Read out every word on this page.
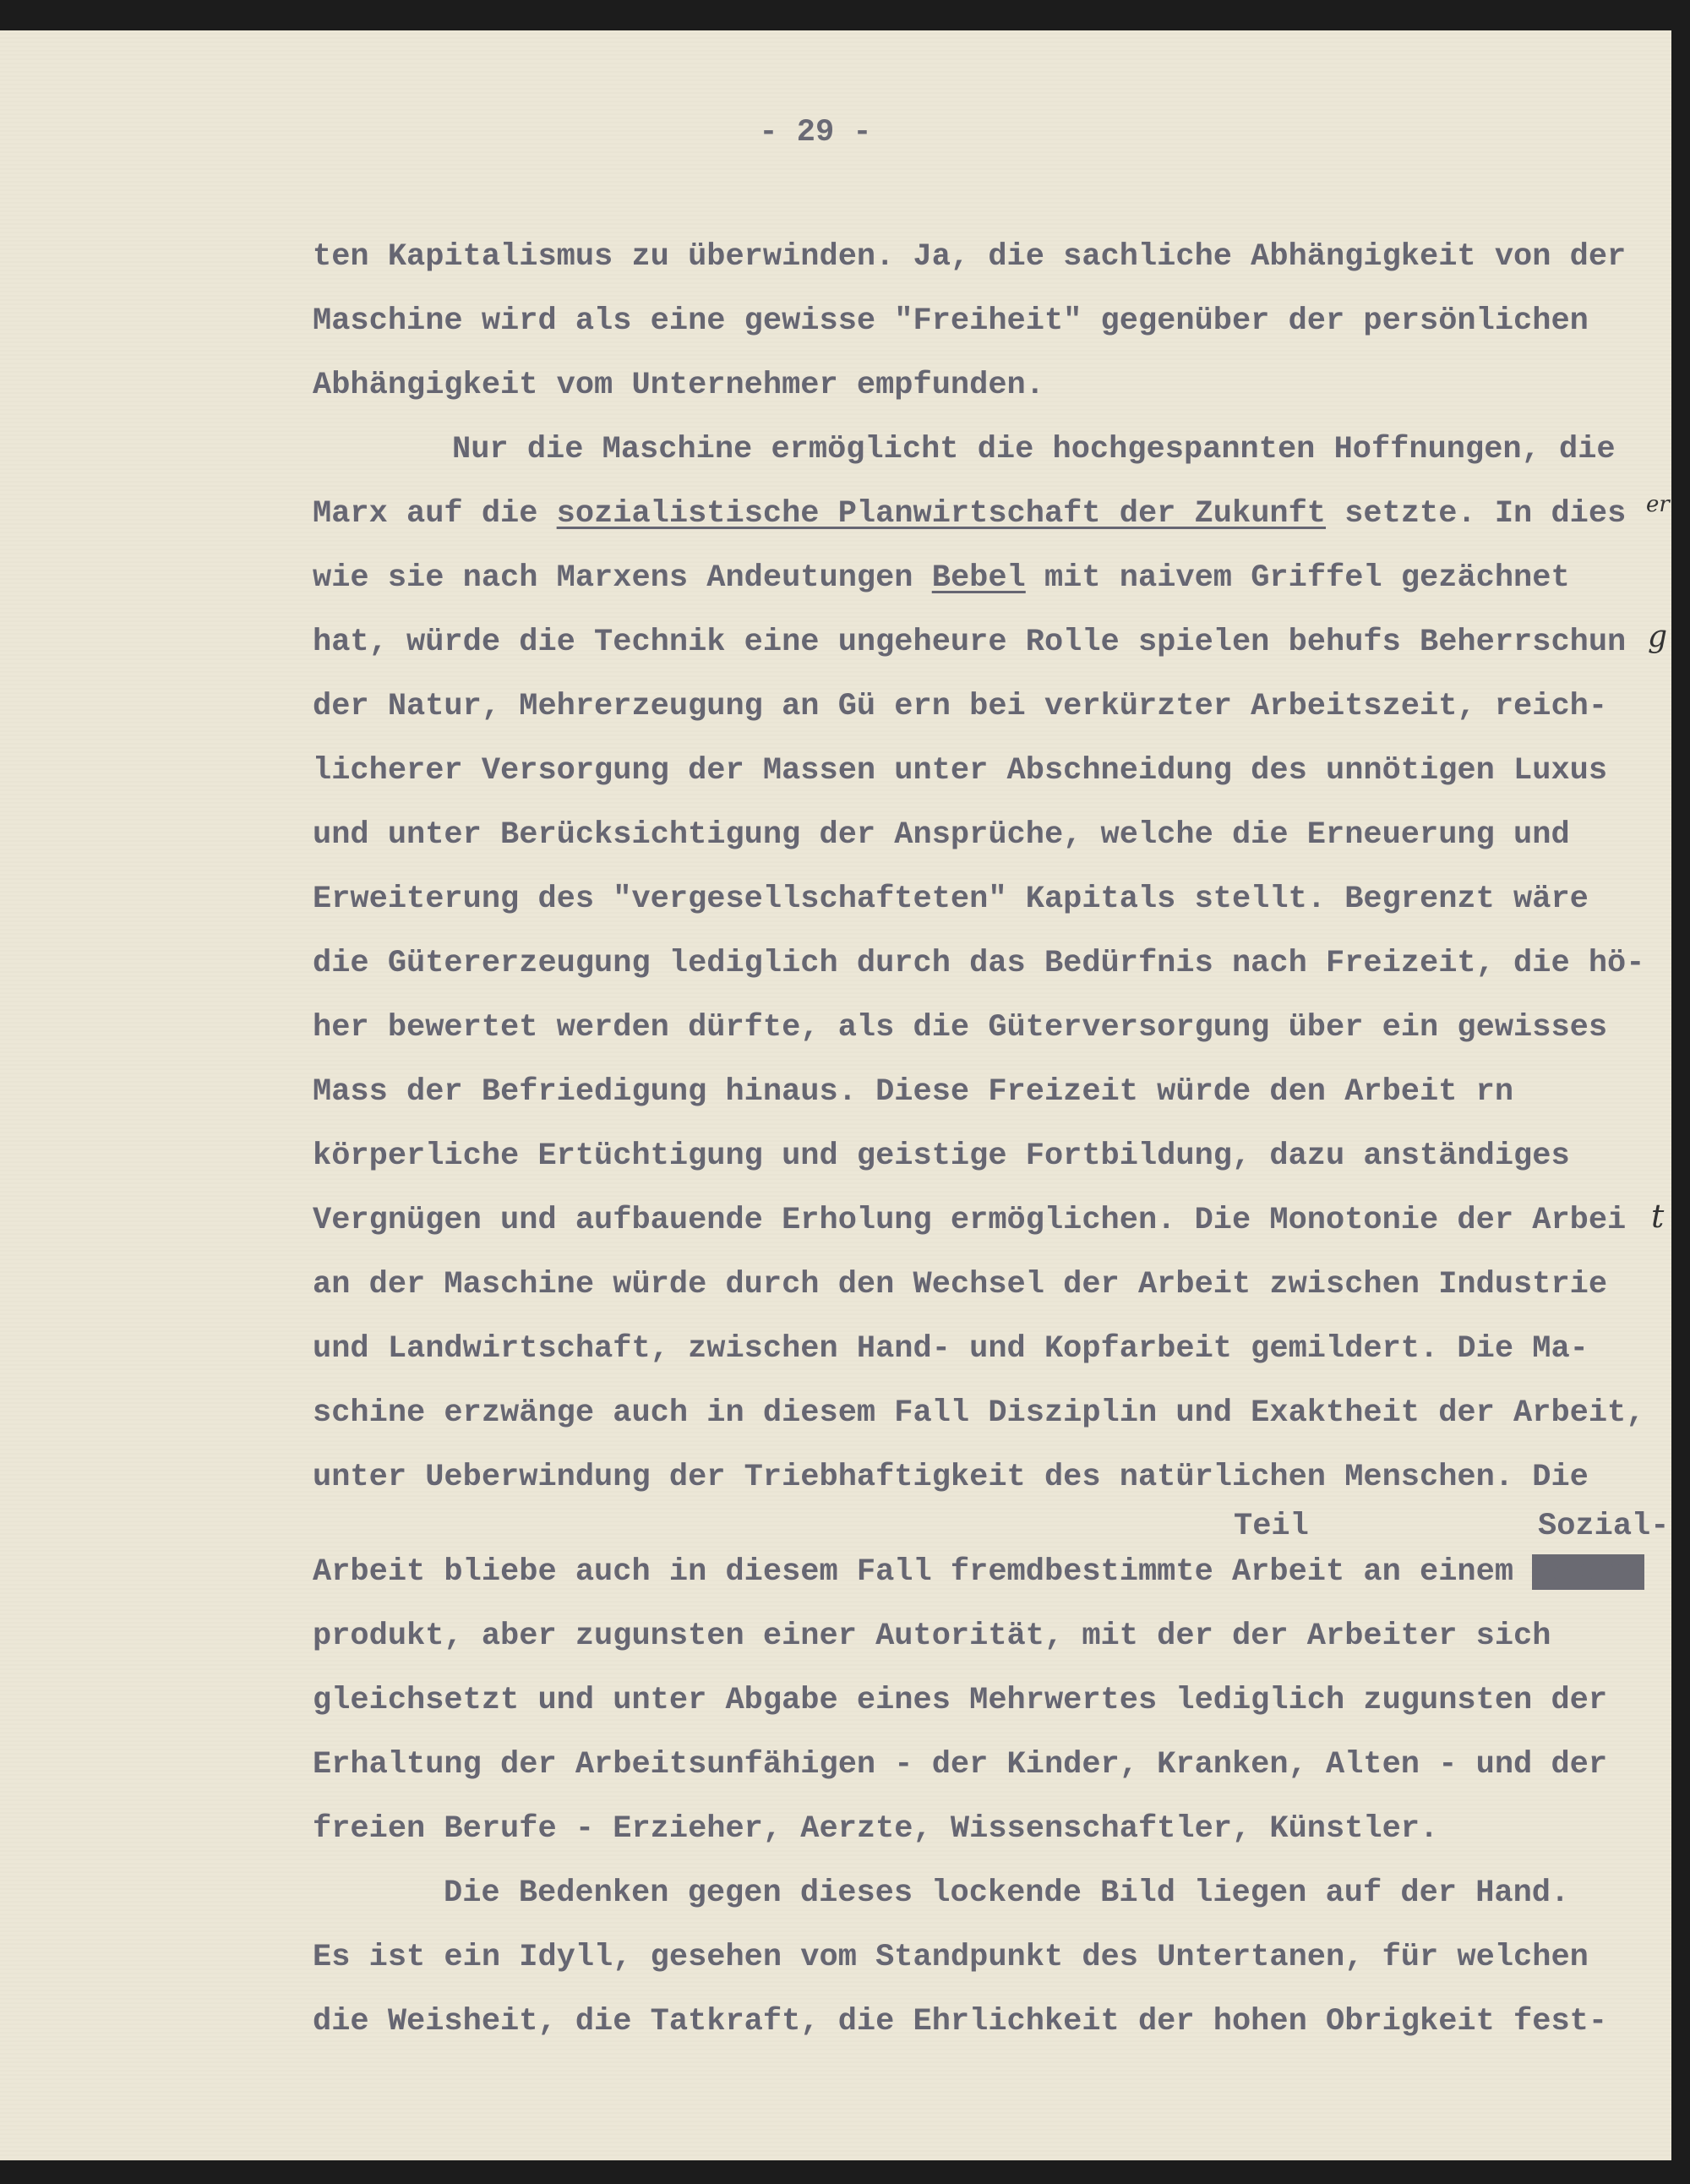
- 29 -
ten Kapitalismus zu überwinden. Ja, die sachliche Abhängigkeit von der
Maschine wird als eine gewisse "Freiheit" gegenüber der persönlichen
Abhängigkeit vom Unternehmer empfunden.
Nur die Maschine ermöglicht die hochgespannten Hoffnungen, die
Marx auf die sozialistische Planwirtschaft der Zukunft setzte. In dies
wie sie nach Marxens Andeutungen Bebel mit naivem Griffel gezächnet
hat, würde die Technik eine ungeheure Rolle spielen behufs Beherrschun
der Natur, Mehrerzeugung an Gü ern bei verkürzter Arbeitszeit, reich-
licherer Versorgung der Massen unter Abschneidung des unnötigen Luxus
und unter Berücksichtigung der Ansprüche, welche die Erneuerung und
Erweiterung des "vergesellschafteten" Kapitals stellt. Begrenzt wäre
die Gütererzeugung lediglich durch das Bedürfnis nach Freizeit, die hö-
her bewertet werden dürfte, als die Güterversorgung über ein gewisses
Mass der Befriedigung hinaus. Diese Freizeit würde den Arbeit rn
körperliche Ertüchtigung und geistige Fortbildung, dazu anständiges
Vergnügen und aufbauende Erholung ermöglichen. Die Monotonie der Arbei
an der Maschine würde durch den Wechsel der Arbeit zwischen Industrie
und Landwirtschaft, zwischen Hand- und Kopfarbeit gemildert. Die Ma-
schine erzwänge auch in diesem Fall Disziplin und Exaktheit der Arbeit,
unter Ueberwindung der Triebhaftigkeit des natürlichen Menschen. Die
Arbeit bliebe auch in diesem Fall fremdbestimmte Arbeit an einem Gesamt
produkt, aber zugunsten einer Autorität, mit der der Arbeiter sich
gleichsetzt und unter Abgabe eines Mehrwertes lediglich zugunsten der
Erhaltung der Arbeitsunfähigen - der Kinder, Kranken, Alten - und der
freien Berufe - Erzieher, Aerzte, Wissenschaftler, Künstler.
Die Bedenken gegen dieses lockende Bild liegen auf der Hand.
Es ist ein Idyll, gesehen vom Standpunkt des Untertanen, für welchen
die Weisheit, die Tatkraft, die Ehrlichkeit der hohen Obrigkeit fest-
Teil	Sozial-
er
g
t
